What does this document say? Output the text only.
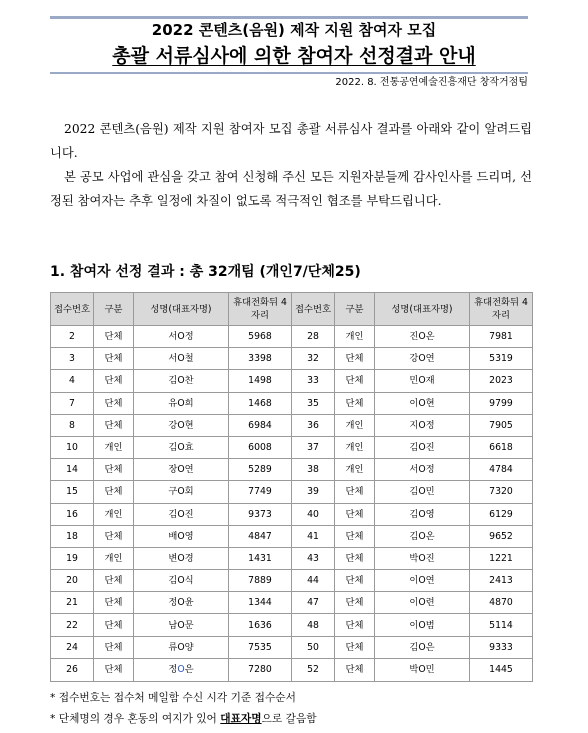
2022 콘텐츠(음원) 제작 지원 참여자 모집
총괄 서류심사에 의한 참여자 선정결과 안내
2022. 8. 전통공연예술진흥재단 창작거점팀

2022 콘텐츠(음원) 제작 지원 참여자 모집 총괄 서류심사 결과를 아래와 같이 알려드립니다.

본 공모 사업에 관심을 갖고 참여 신청해 주신 모든 지원자분들께 감사인사를 드리며, 선정된 참여자는 추후 일정에 차질이 없도록 적극적인 협조를 부탁드립니다.

1. 참여자 선정 결과 : 총 32개팀 (개인7/단체25)
접수번호	구분	성명(대표자명)	휴대전화뒤 4자리	접수번호	구분	성명(대표자명)	휴대전화뒤 4자리
2	단체	서O정	5968	28	개인	진O온	7981
3	단체	서O철	3398	32	단체	강O연	5319
4	단체	김O찬	1498	33	단체	민O재	2023
7	단체	유O희	1468	35	단체	이O현	9799
8	단체	강O현	6984	36	개인	지O정	7905
10	개인	김O효	6008	37	개인	김O진	6618
14	단체	장O연	5289	38	개인	서O정	4784
15	단체	구O회	7749	39	단체	김O민	7320
16	개인	김O진	9373	40	단체	김O영	6129
18	단체	배O영	4847	41	단체	김O온	9652
19	개인	변O경	1431	43	단체	박O진	1221
20	단체	김O식	7889	44	단체	이O연	2413
21	단체	정O윤	1344	47	단체	이O련	4870
22	단체	남O문	1636	48	단체	이O범	5114
24	단체	류O양	7535	50	단체	김O은	9333
26	단체	정O은	7280	52	단체	박O민	1445
* 접수번호는 접수처 메일함 수신 시각 기준 접수순서
* 단체명의 경우 혼동의 여지가 있어 대표자명으로 갈음함
